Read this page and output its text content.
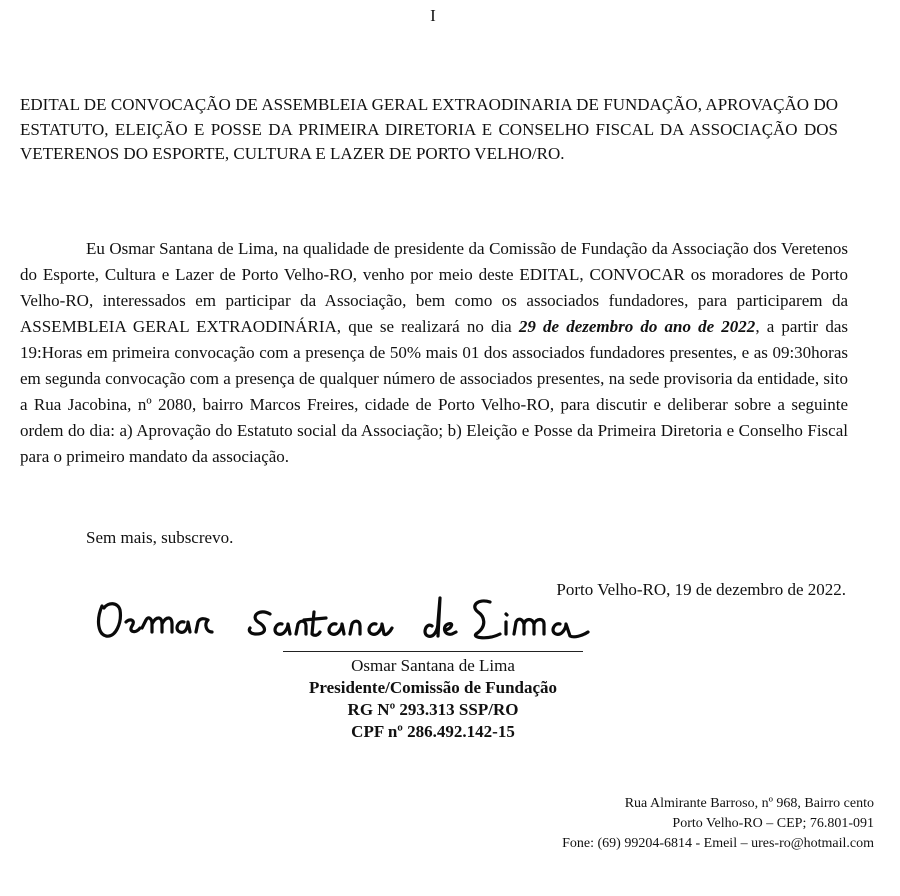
I
EDITAL DE CONVOCAÇÃO DE ASSEMBLEIA GERAL EXTRAODINARIA DE FUNDAÇÃO, APROVAÇÃO DO ESTATUTO, ELEIÇÃO E POSSE DA PRIMEIRA DIRETORIA E CONSELHO FISCAL DA ASSOCIAÇÃO DOS VETERENOS DO ESPORTE, CULTURA E LAZER DE PORTO VELHO/RO.

Eu Osmar Santana de Lima, na qualidade de presidente da Comissão de Fundação da Associação dos Veretenos do Esporte, Cultura e Lazer de Porto Velho-RO, venho por meio deste EDITAL, CONVOCAR os moradores de Porto Velho-RO, interessados em participar da Associação, bem como os associados fundadores, para participarem da ASSEMBLEIA GERAL EXTRAODINÁRIA, que se realizará no dia 29 de dezembro do ano de 2022, a partir das 19:Horas em primeira convocação com a presença de 50% mais 01 dos associados fundadores presentes, e as 09:30horas em segunda convocação com a presença de qualquer número de associados presentes, na sede provisoria da entidade, sito a Rua Jacobina, nº 2080, bairro Marcos Freires, cidade de Porto Velho-RO, para discutir e deliberar sobre a seguinte ordem do dia: a) Aprovação do Estatuto social da Associação; b) Eleição e Posse da Primeira Diretoria e Conselho Fiscal para o primeiro mandato da associação.

Sem mais, subscrevo.

Porto Velho-RO, 19 de dezembro de 2022.
Osmar Santana de Lima
Presidente/Comissão de Fundação
RG Nº 293.313 SSP/RO
CPF nº 286.492.142-15
Rua Almirante Barroso, nº 968, Bairro cento
Porto Velho-RO – CEP; 76.801-091
Fone: (69) 99204-6814 - Emeil – ures-ro@hotmail.com
